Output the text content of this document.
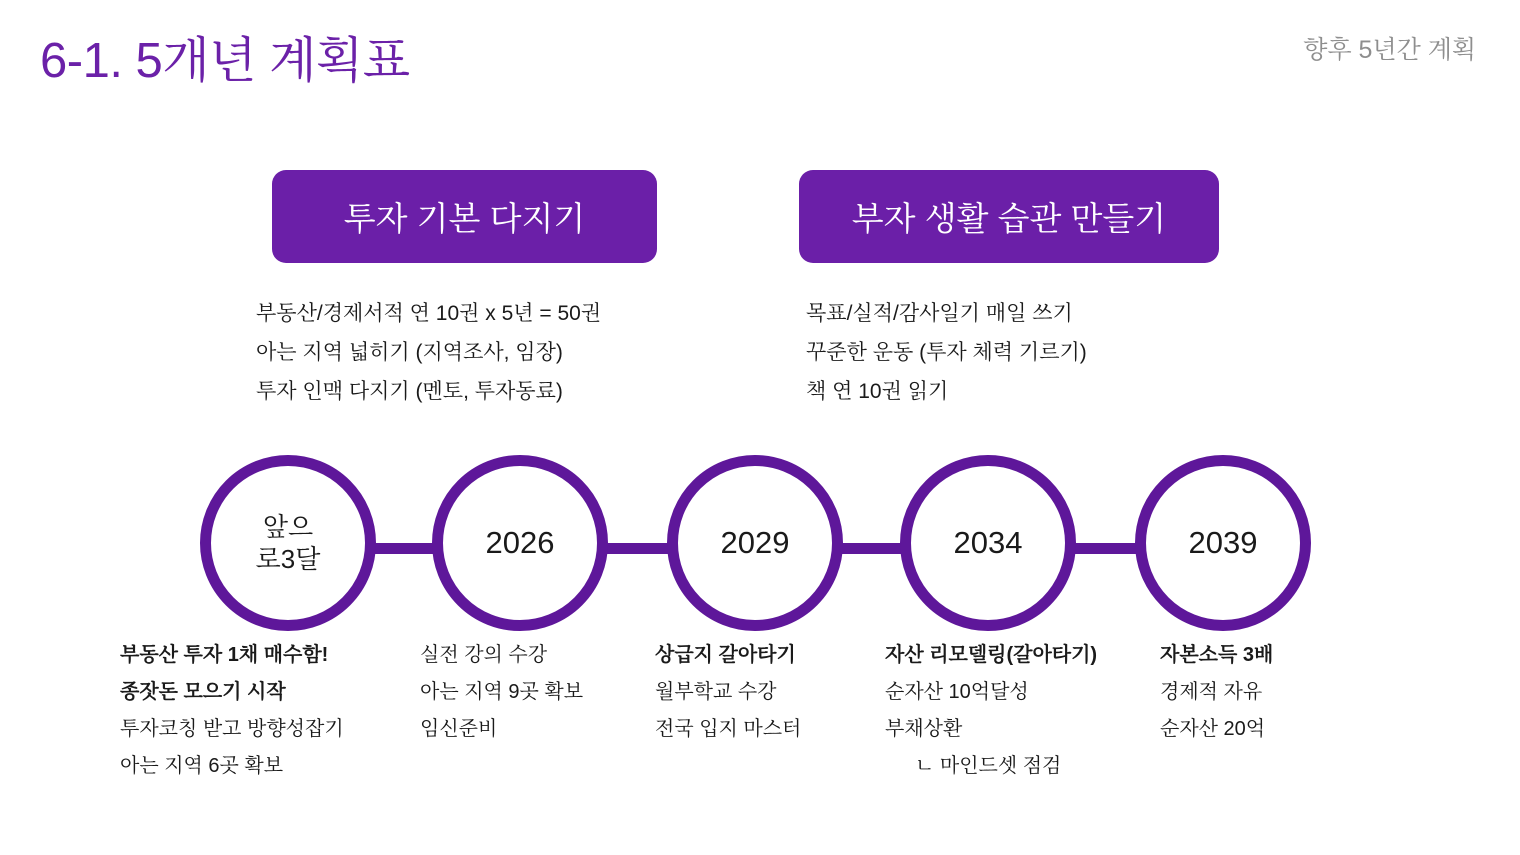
6-1. 5개년 계획표	향후 5년간 계획
투자 기본 다지기
부동산/경제서적 연 10권 x 5년 = 50권
아는 지역 넓히기 (지역조사, 임장)
투자 인맥 다지기 (멘토, 투자동료)
부자 생활 습관 만들기
목표/실적/감사일기 매일 쓰기
꾸준한 운동 (투자 체력 기르기)
책 연 10권 읽기
앞으
로3달
부동산 투자 1채 매수함!
종잣돈 모으기 시작
투자코칭 받고 방향성잡기
아는 지역 6곳 확보
2026
실전 강의 수강
아는 지역 9곳 확보
임신준비
2029
상급지 갈아타기
월부학교 수강
전국 입지 마스터
2034
자산 리모델링(갈아타기)
순자산 10억달성
부채상환
ㄴ 마인드셋 점검
2039
자본소득 3배
경제적 자유
순자산 20억
